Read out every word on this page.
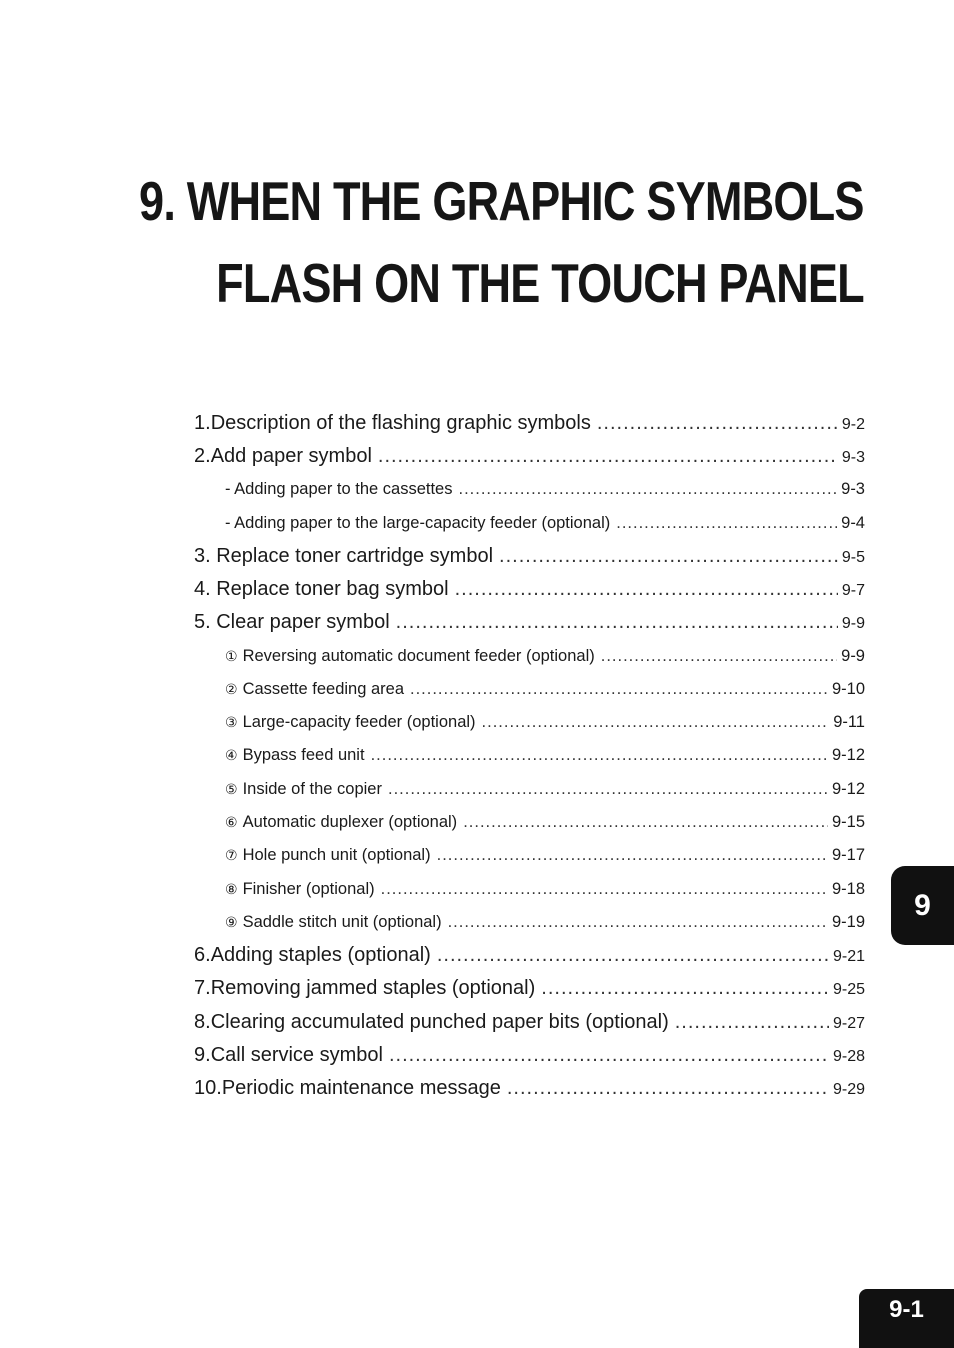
9. WHEN THE GRAPHIC SYMBOLS
FLASH ON THE TOUCH PANEL
1. Description of the flashing graphic symbols .....	9-2
2. Add paper symbol .....	9-3
- Adding paper to the cassettes .....	9-3
- Adding paper to the large-capacity feeder (optional) .....	9-4
3. Replace toner cartridge symbol .....	9-5
4. Replace toner bag symbol .....	9-7
5. Clear paper symbol .....	9-9
① Reversing automatic document feeder (optional) .....	9-9
② Cassette feeding area .....	9-10
③ Large-capacity feeder (optional) .....	9-11
④ Bypass feed unit .....	9-12
⑤ Inside of the copier .....	9-12
⑥ Automatic duplexer (optional) .....	9-15
⑦ Hole punch unit (optional) .....	9-17
⑧ Finisher (optional) .....	9-18
⑨ Saddle stitch unit (optional) .....	9-19
6. Adding staples (optional) .....	9-21
7. Removing jammed staples (optional) .....	9-25
8. Clearing accumulated punched paper bits (optional) .....	9-27
9. Call service symbol .....	9-28
10. Periodic maintenance message .....	9-29
9
9-1
